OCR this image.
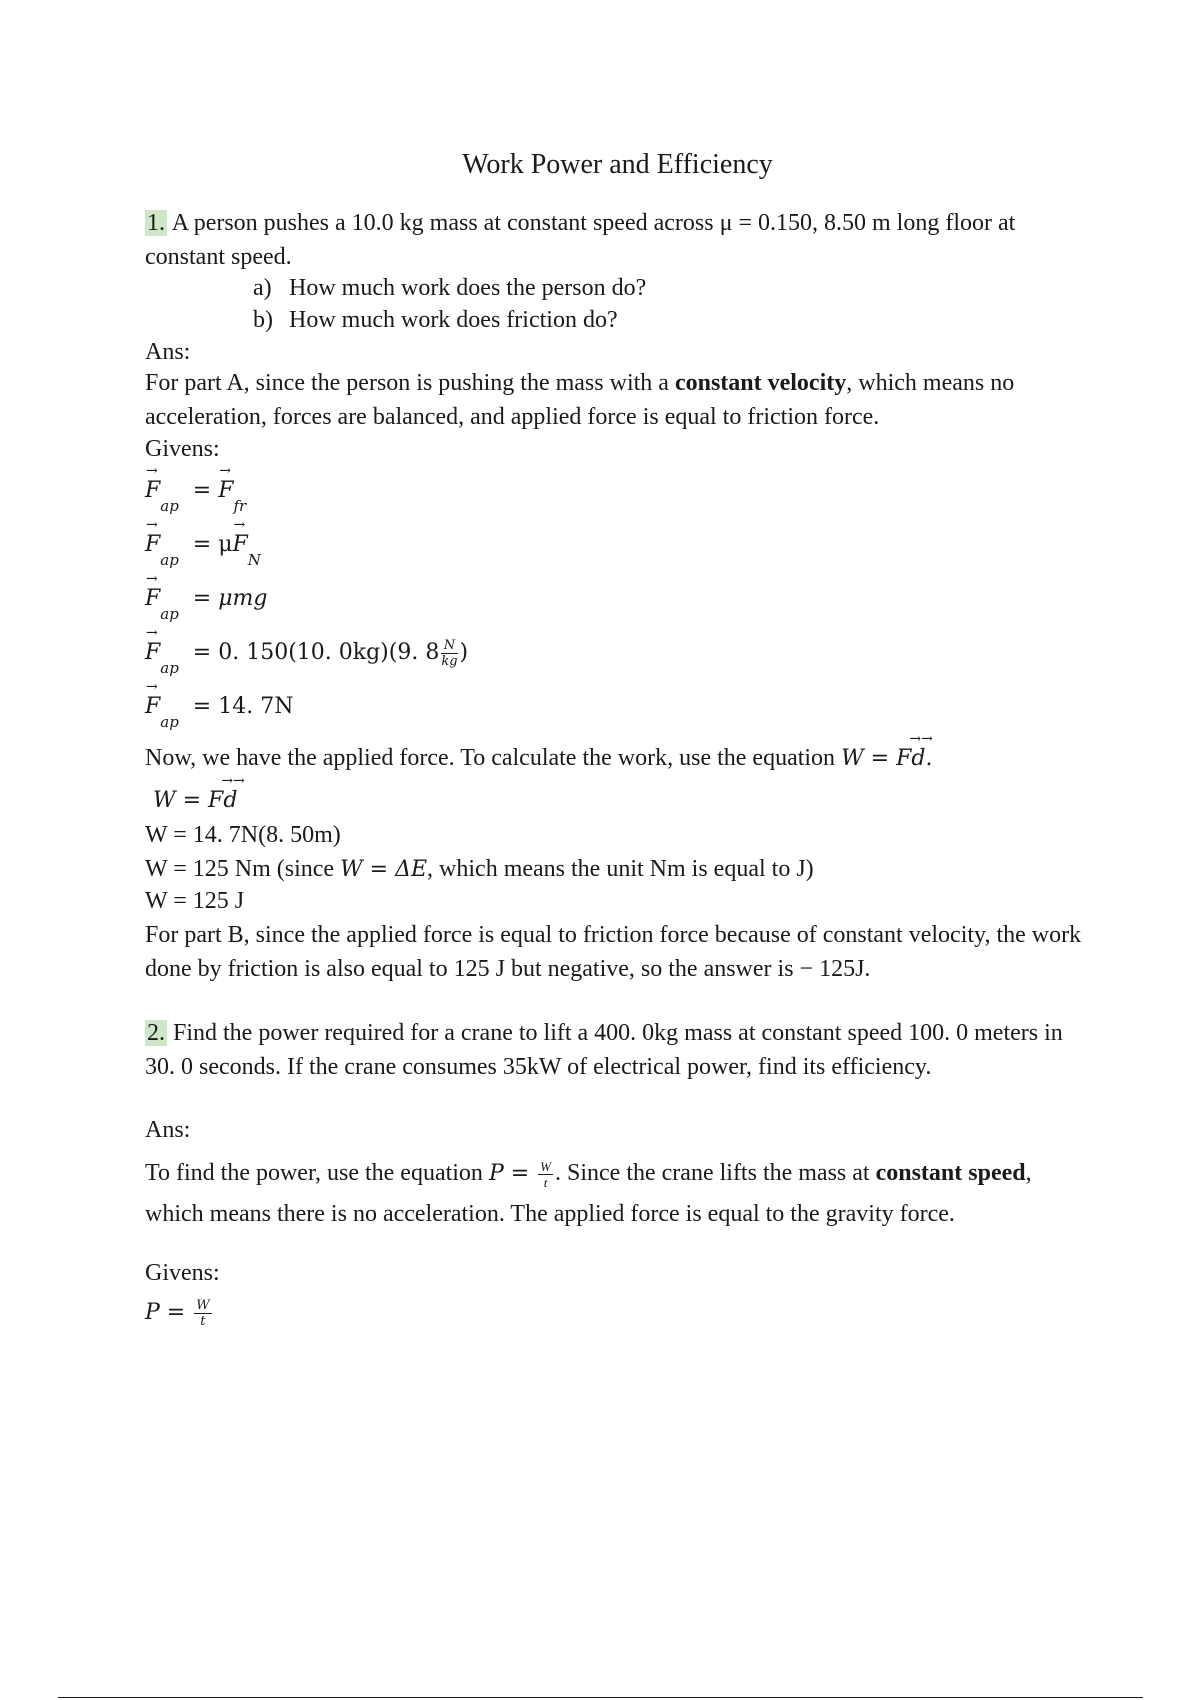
Work Power and Efficiency
1. A person pushes a 10.0 kg mass at constant speed across μ = 0.150, 8.50 m long floor at constant speed.
a) How much work does the person do?
b) How much work does friction do?
Ans:
For part A, since the person is pushing the mass with a constant velocity, which means no acceleration, forces are balanced, and applied force is equal to friction force.
Givens:
→ $F_{ap}$  = → $F_{fr}$
→ $F_{ap} = \mu\to F_N$
→ $F_{ap} = \mu mg$
→ $F_{ap} = 0$. 150(10. 0kg)(9. $8 \frac{N}{kg}$ )
→ $F_{ap} = 14$. 7N
Now, we have the applied force. To calculate the work, use the equation W = F→→ d.
W = F→→ d
W = 14. 7N(8. 50m)
W = 125 Nm (since W = ΔE, which means the unit Nm is equal to J)
W = 125 J
For part B, since the applied force is equal to friction force because of constant velocity, the work done by friction is also equal to 125 J but negative, so the answer is − 125J.
2. Find the power required for a crane to lift a 400. 0kg mass at constant speed 100. 0 meters in 30. 0 seconds. If the crane consumes 35kW of electrical power, find its efficiency.
Ans:
To find the power, use the equation $P = \frac{W}{t}$ . Since the crane lifts the mass at constant speed, which means there is no acceleration. The applied force is equal to the gravity force.
Givens:
$P = \frac{W}{t}$
